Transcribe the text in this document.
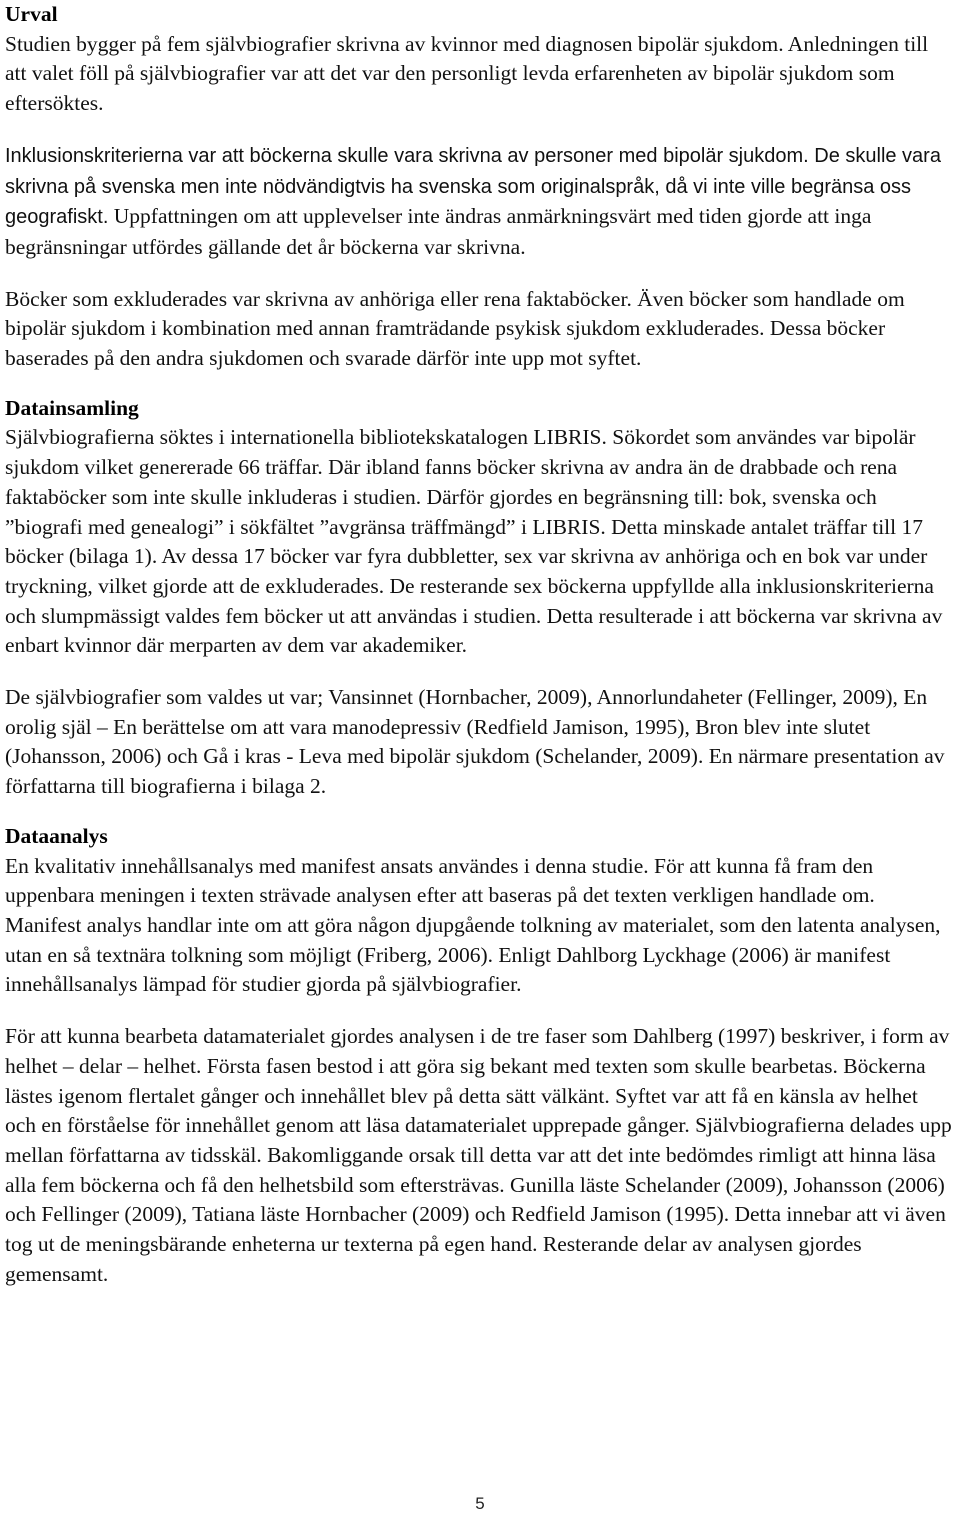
Urval

Studien bygger på fem självbiografier skrivna av kvinnor med diagnosen bipolär sjukdom. Anledningen till att valet föll på självbiografier var att det var den personligt levda erfarenheten av bipolär sjukdom som eftersöktes.

Inklusionskriterierna var att böckerna skulle vara skrivna av personer med bipolär sjukdom. De skulle vara skrivna på svenska men inte nödvändigtvis ha svenska som originalspråk, då vi inte ville begränsa oss geografiskt. Uppfattningen om att upplevelser inte ändras anmärkningsvärt med tiden gjorde att inga begränsningar utfördes gällande det år böckerna var skrivna.

Böcker som exkluderades var skrivna av anhöriga eller rena faktaböcker. Även böcker som handlade om bipolär sjukdom i kombination med annan framträdande psykisk sjukdom exkluderades. Dessa böcker baserades på den andra sjukdomen och svarade därför inte upp mot syftet.

Datainsamling

Självbiografierna söktes i internationella bibliotekskatalogen LIBRIS. Sökordet som användes var bipolär sjukdom vilket genererade 66 träffar. Där ibland fanns böcker skrivna av andra än de drabbade och rena faktaböcker som inte skulle inkluderas i studien. Därför gjordes en begränsning till: bok, svenska och ”biografi med genealogi” i sökfältet ”avgränsa träffmängd” i LIBRIS. Detta minskade antalet träffar till 17 böcker (bilaga 1). Av dessa 17 böcker var fyra dubbletter, sex var skrivna av anhöriga och en bok var under tryckning, vilket gjorde att de exkluderades. De resterande sex böckerna uppfyllde alla inklusionskriterierna och slumpmässigt valdes fem böcker ut att användas i studien. Detta resulterade i att böckerna var skrivna av enbart kvinnor där merparten av dem var akademiker.

De självbiografier som valdes ut var; Vansinnet (Hornbacher, 2009), Annorlundaheter (Fellinger, 2009), En orolig själ – En berättelse om att vara manodepressiv (Redfield Jamison, 1995), Bron blev inte slutet (Johansson, 2006) och Gå i kras - Leva med bipolär sjukdom (Schelander, 2009). En närmare presentation av författarna till biografierna i bilaga 2.

Dataanalys

En kvalitativ innehållsanalys med manifest ansats användes i denna studie. För att kunna få fram den uppenbara meningen i texten strävade analysen efter att baseras på det texten verkligen handlade om. Manifest analys handlar inte om att göra någon djupgående tolkning av materialet, som den latenta analysen, utan en så textnära tolkning som möjligt (Friberg, 2006). Enligt Dahlborg Lyckhage (2006) är manifest innehållsanalys lämpad för studier gjorda på självbiografier.

För att kunna bearbeta datamaterialet gjordes analysen i de tre faser som Dahlberg (1997) beskriver, i form av helhet – delar – helhet. Första fasen bestod i att göra sig bekant med texten som skulle bearbetas. Böckerna lästes igenom flertalet gånger och innehållet blev på detta sätt välkänt. Syftet var att få en känsla av helhet och en förståelse för innehållet genom att läsa datamaterialet upprepade gånger. Självbiografierna delades upp mellan författarna av tidsskäl. Bakomliggande orsak till detta var att det inte bedömdes rimligt att hinna läsa alla fem böckerna och få den helhetsbild som eftersträvas. Gunilla läste Schelander (2009), Johansson (2006) och Fellinger (2009), Tatiana läste Hornbacher (2009) och Redfield Jamison (1995). Detta innebar att vi även tog ut de meningsbärande enheterna ur texterna på egen hand. Resterande delar av analysen gjordes gemensamt.

5
